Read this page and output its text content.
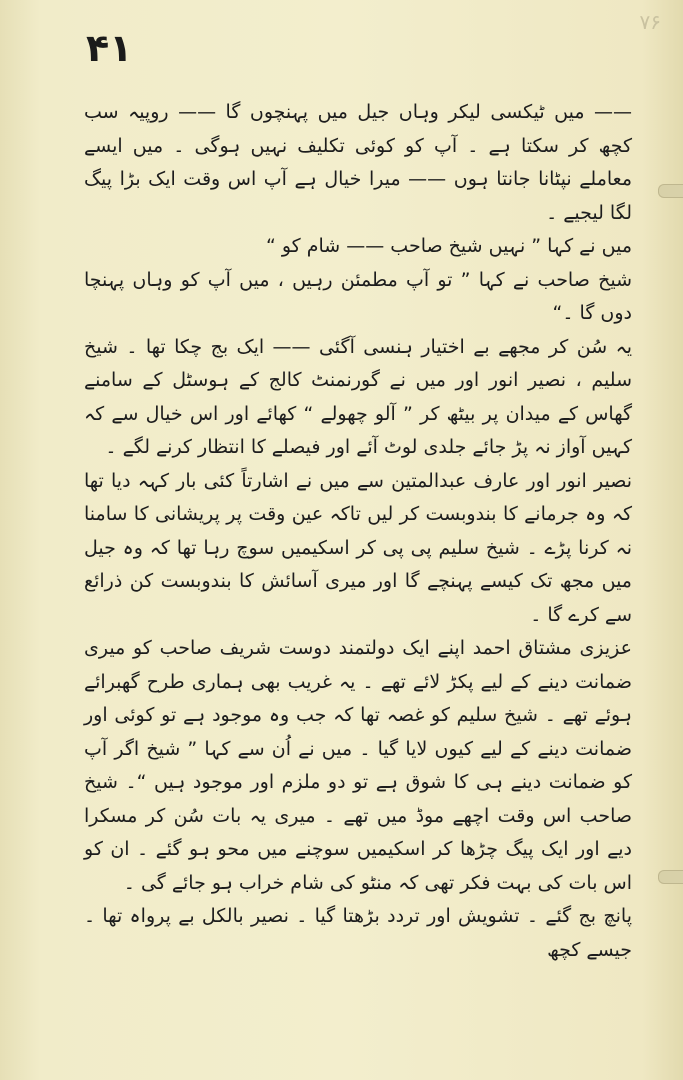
۷۶
۴۱

—— میں ٹیکسی لیکر وہاں جیل میں پہنچوں گا —— روپیہ سب کچھ کر سکتا ہے ۔ آپ کو کوئی تکلیف نہیں ہوگی ۔ میں ایسے معاملے نپٹانا جانتا ہوں —— میرا خیال ہے آپ اس وقت ایک بڑا پیگ لگا لیجیے ۔

میں نے کہا ” نہیں شیخ صاحب —— شام کو “

شیخ صاحب نے کہا ” تو آپ مطمئن رہیں ، میں آپ کو وہاں پہنچا دوں گا ۔“

یہ سُن کر مجھے بے اختیار ہنسی آگئی —— ایک بج چکا تھا ۔ شیخ سلیم ، نصیر انور اور میں نے گورنمنٹ کالج کے ہوسٹل کے سامنے گھاس کے میدان پر بیٹھ کر ” آلو چھولے “ کھائے اور اس خیال سے کہ کہیں آواز نہ پڑ جائے جلدی لوٹ آئے اور فیصلے کا انتظار کرنے لگے ۔

نصیر انور اور عارف عبدالمتین سے میں نے اشارتاً کئی بار کہہ دیا تھا کہ وہ جرمانے کا بندوبست کر لیں تاکہ عین وقت پر پریشانی کا سامنا نہ کرنا پڑے ۔ شیخ سلیم پی پی کر اسکیمیں سوچ رہا تھا کہ وہ جیل میں مجھ تک کیسے پہنچے گا اور میری آسائش کا بندوبست کن ذرائع سے کرے گا ۔

عزیزی مشتاق احمد اپنے ایک دولتمند دوست شریف صاحب کو میری ضمانت دینے کے لیے پکڑ لائے تھے ۔ یہ غریب بھی ہماری طرح گھبرائے ہوئے تھے ۔ شیخ سلیم کو غصہ تھا کہ جب وہ موجود ہے تو کوئی اور ضمانت دینے کے لیے کیوں لایا گیا ۔ میں نے اُن سے کہا ” شیخ اگر آپ کو ضمانت دینے ہی کا شوق ہے تو دو ملزم اور موجود ہیں “۔ شیخ صاحب اس وقت اچھے موڈ میں تھے ۔ میری یہ بات سُن کر مسکرا دیے اور ایک پیگ چڑھا کر اسکیمیں سوچنے میں محو ہو گئے ۔ ان کو اس بات کی بہت فکر تھی کہ منٹو کی شام خراب ہو جائے گی ۔

پانچ بج گئے ۔ تشویش اور تردد بڑھتا گیا ۔ نصیر بالکل بے پرواہ تھا ۔ جیسے کچھ
